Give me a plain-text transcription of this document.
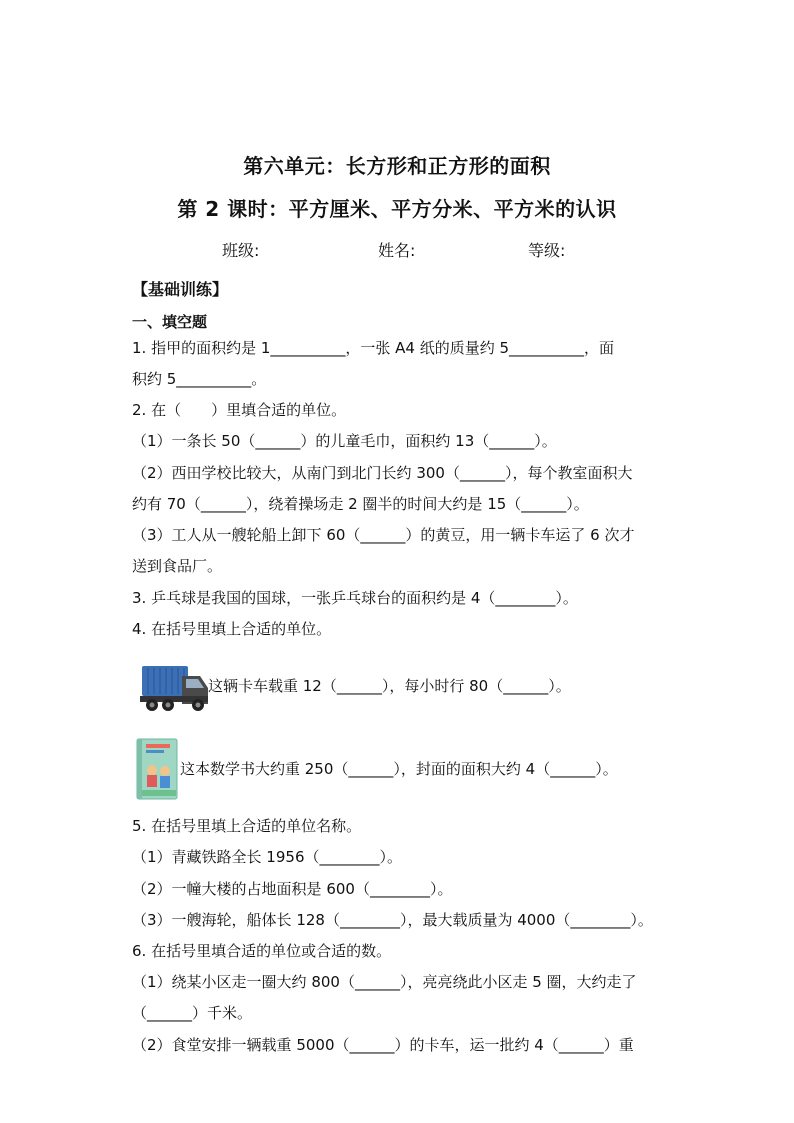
第六单元：长方形和正方形的面积
第 2 课时：平方厘米、平方分米、平方米的认识
班级:	姓名:	等级:
【基础训练】
一、填空题
1. 指甲的面积约是 1__________，一张 A4 纸的质量约 5__________，面
积约 5__________。
2. 在（　　）里填合适的单位。
（1）一条长 50（______）的儿童毛巾，面积约 13（______）。
（2）西田学校比较大，从南门到北门长约 300（______），每个教室面积大
约有 70（______），绕着操场走 2 圈半的时间大约是 15（______）。
（3）工人从一艘轮船上卸下 60（______）的黄豆，用一辆卡车运了 6 次才
送到食品厂。
3. 乒乓球是我国的国球，一张乒乓球台的面积约是 4（________）。
4. 在括号里填上合适的单位。
这辆卡车载重 12（______），每小时行 80（______）。
这本数学书大约重 250（______），封面的面积大约 4（______）。
5. 在括号里填上合适的单位名称。
（1）青藏铁路全长 1956（________）。
（2）一幢大楼的占地面积是 600（________）。
（3）一艘海轮，船体长 128（________），最大载质量为 4000（________）。
6. 在括号里填合适的单位或合适的数。
（1）绕某小区走一圈大约 800（______），亮亮绕此小区走 5 圈，大约走了
（______）千米。
（2）食堂安排一辆载重 5000（______）的卡车，运一批约 4（______）重
